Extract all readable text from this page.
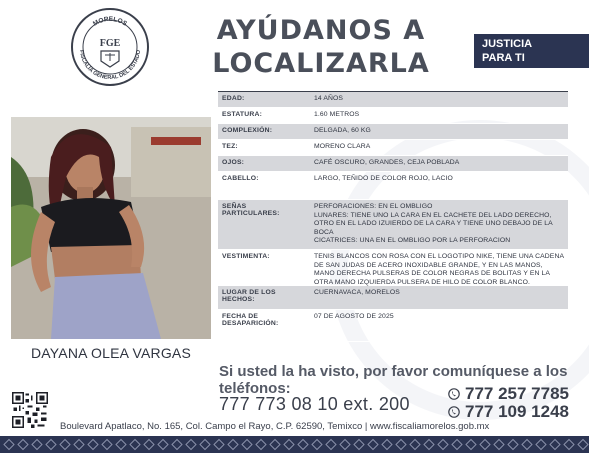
MORELOS
FISCALÍA GENERAL DEL ESTADO
FGE	AYÚDANOS A
LOCALIZARLA
JUSTICIA
PARA TI
DAYANA OLEA VARGAS
EDAD:	14 AÑOS
ESTATURA:	1.60 METROS
COMPLEXIÓN:	DELGADA, 60 KG
TEZ:	MORENO CLARA
OJOS:	CAFÉ OSCURO, GRANDES, CEJA POBLADA
CABELLO:	LARGO, TEÑIDO DE COLOR ROJO, LACIO
SEÑAS PARTICULARES:
PERFORACIONES: EN EL OMBLIGO
LUNARES: TIENE UNO LA CARA EN EL CACHETE DEL LADO DERECHO, OTRO EN EL LADO IZUIERDO DE LA CARA Y TIENE UNO DEBAJO DE LA BOCA
CICATRICES: UNA EN EL OMBLIGO POR LA PERFORACION
VESTIMENTA:	TENIS BLANCOS CON ROSA CON EL LOGOTIPO NIKE, TIENE UNA CADENA DE SAN JUDAS DE ACERO INOXIDABLE GRANDE, Y EN LAS MANOS, MANO DERECHA PULSERAS DE COLOR NEGRAS DE BOLITAS Y EN LA OTRA MANO IZQUIERDA PULSERA DE HILO DE COLOR BLANCO.
LUGAR DE LOS HECHOS:
CUERNAVACA, MORELOS
FECHA DE DESAPARICIÓN:
07 DE AGOSTO DE 2025
Si usted la ha visto, por favor comuníquese a los teléfonos:
777 773 08 10 ext. 200
777 257 7785
777 109 1248
Boulevard Apatlaco, No. 165, Col. Campo el Rayo, C.P. 62590, Temixco | www.fiscaliamorelos.gob.mx
